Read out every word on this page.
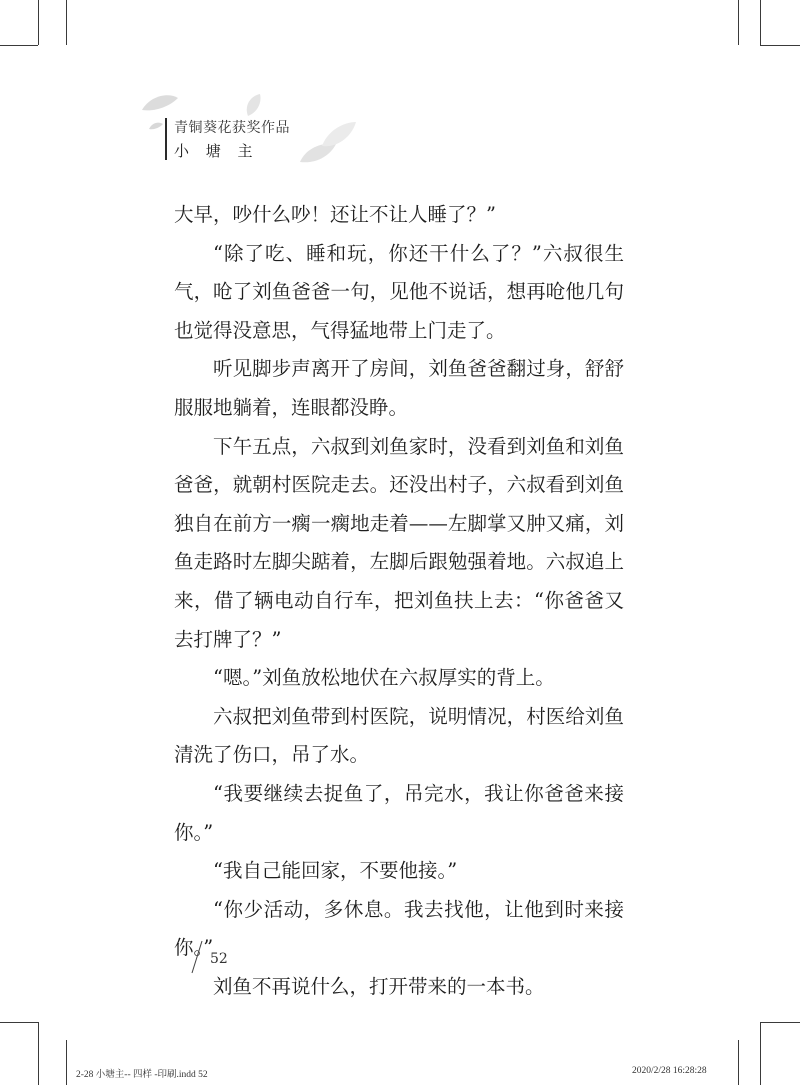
青铜葵花获奖作品
小 塘 主

大早，吵什么吵！还让不让人睡了？”

“除了吃、睡和玩，你还干什么了？”六叔很生气，呛了刘鱼爸爸一句，见他不说话，想再呛他几句也觉得没意思，气得猛地带上门走了。

听见脚步声离开了房间，刘鱼爸爸翻过身，舒舒服服地躺着，连眼都没睁。

下午五点，六叔到刘鱼家时，没看到刘鱼和刘鱼爸爸，就朝村医院走去。还没出村子，六叔看到刘鱼独自在前方一瘸一瘸地走着——左脚掌又肿又痛，刘鱼走路时左脚尖踮着，左脚后跟勉强着地。六叔追上来，借了辆电动自行车，把刘鱼扶上去：“你爸爸又去打牌了？”

“嗯。”刘鱼放松地伏在六叔厚实的背上。

六叔把刘鱼带到村医院，说明情况，村医给刘鱼清洗了伤口，吊了水。

“我要继续去捉鱼了，吊完水，我让你爸爸来接你。”

“我自己能回家，不要他接。”

“你少活动，多休息。我去找他，让他到时来接你。”

刘鱼不再说什么，打开带来的一本书。

52
2-28 小塘主-- 四样 -印刷.indd 52	2020/2/28 16:28:28
